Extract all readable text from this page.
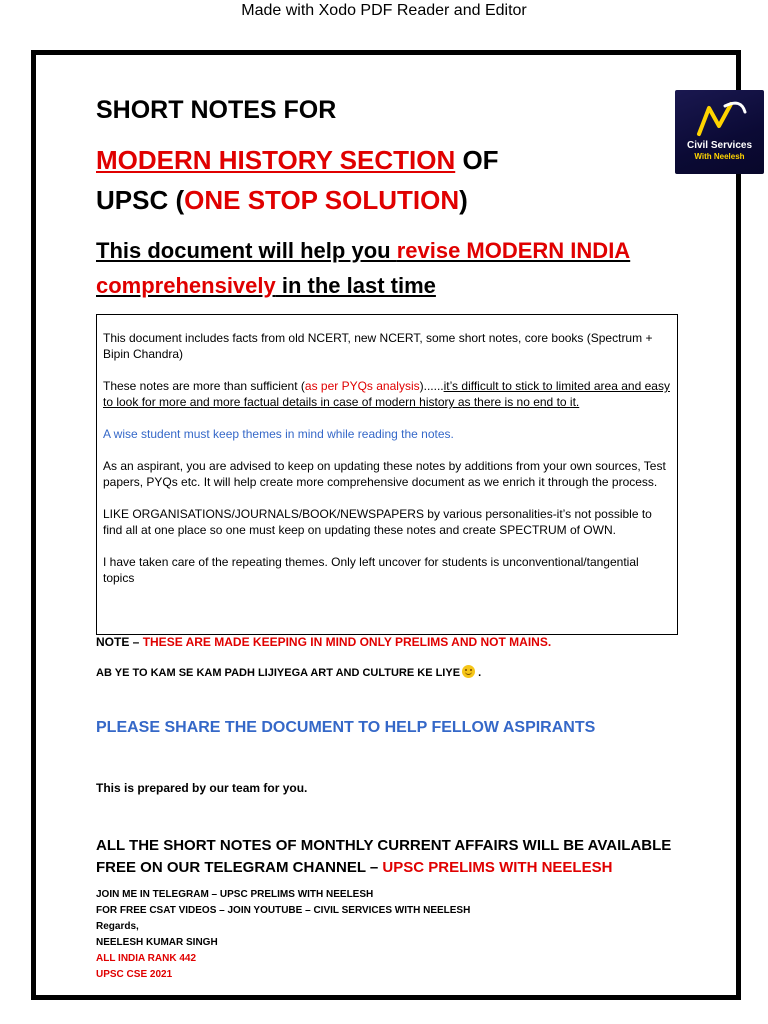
Made with Xodo PDF Reader and Editor
SHORT NOTES FOR
MODERN HISTORY SECTION OF
UPSC (ONE STOP SOLUTION)
This document will help you revise MODERN INDIA comprehensively in the last time
Civil Services
With Neelesh

This document includes facts from old NCERT, new NCERT, some short notes, core books (Spectrum + Bipin Chandra)

These notes are more than sufficient (as per PYQs analysis)......it’s difficult to stick to limited area and easy to look for more and more factual details in case of modern history as there is no end to it.

A wise student must keep themes in mind while reading the notes.

As an aspirant, you are advised to keep on updating these notes by additions from your own sources, Test papers, PYQs etc. It will help create more comprehensive document as we enrich it through the process.

LIKE ORGANISATIONS/JOURNALS/BOOK/NEWSPAPERS by various personalities-it’s not possible to find all at one place so one must keep on updating these notes and create SPECTRUM of OWN.

I have taken care of the repeating themes. Only left uncover for students is unconventional/tangential topics

NOTE – THESE ARE MADE KEEPING IN MIND ONLY PRELIMS AND NOT MAINS.
AB YE TO KAM SE KAM PADH LIJIYEGA ART AND CULTURE KE LIYE .
PLEASE SHARE THE DOCUMENT TO HELP FELLOW ASPIRANTS
This is prepared by our team for you.
ALL THE SHORT NOTES OF MONTHLY CURRENT AFFAIRS WILL BE AVAILABLE FREE ON OUR TELEGRAM CHANNEL – UPSC PRELIMS WITH NEELESH
JOIN ME IN TELEGRAM – UPSC PRELIMS WITH NEELESH
FOR FREE CSAT VIDEOS – JOIN YOUTUBE – CIVIL SERVICES WITH NEELESH
Regards,
NEELESH KUMAR SINGH
ALL INDIA RANK 442
UPSC CSE 2021
